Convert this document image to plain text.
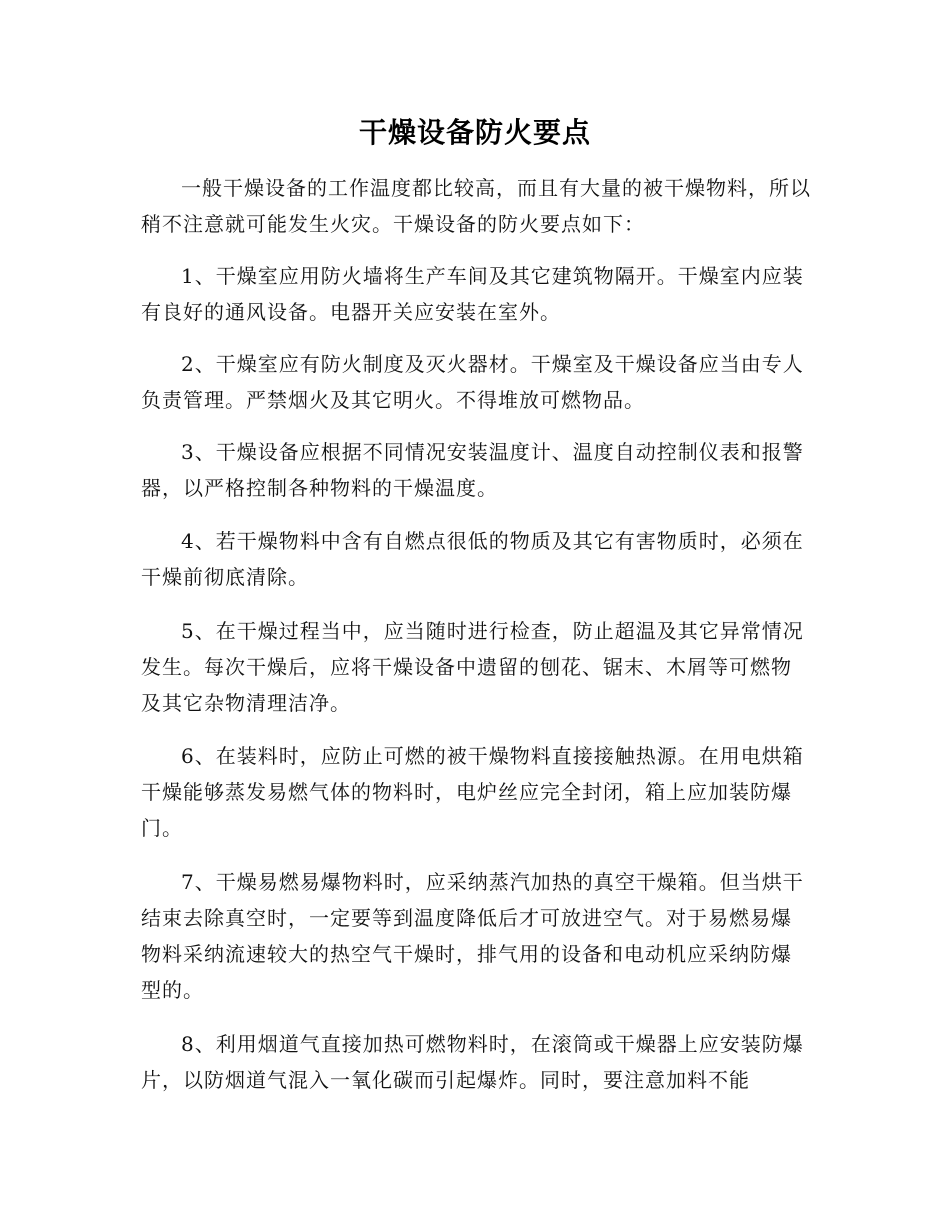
干燥设备防火要点

一般干燥设备的工作温度都比较高，而且有大量的被干燥物料，所以稍不注意就可能发生火灾。干燥设备的防火要点如下：

1、干燥室应用防火墙将生产车间及其它建筑物隔开。干燥室内应装有良好的通风设备。电器开关应安装在室外。

2、干燥室应有防火制度及灭火器材。干燥室及干燥设备应当由专人负责管理。严禁烟火及其它明火。不得堆放可燃物品。

3、干燥设备应根据不同情况安装温度计、温度自动控制仪表和报警器，以严格控制各种物料的干燥温度。

4、若干燥物料中含有自燃点很低的物质及其它有害物质时，必须在干燥前彻底清除。

5、在干燥过程当中，应当随时进行检查，防止超温及其它异常情况发生。每次干燥后，应将干燥设备中遗留的刨花、锯末、木屑等可燃物及其它杂物清理洁净。

6、在装料时，应防止可燃的被干燥物料直接接触热源。在用电烘箱干燥能够蒸发易燃气体的物料时，电炉丝应完全封闭，箱上应加装防爆门。

7、干燥易燃易爆物料时，应采纳蒸汽加热的真空干燥箱。但当烘干结束去除真空时，一定要等到温度降低后才可放进空气。对于易燃易爆物料采纳流速较大的热空气干燥时，排气用的设备和电动机应采纳防爆型的。

8、利用烟道气直接加热可燃物料时，在滚筒或干燥器上应安装防爆片，以防烟道气混入一氧化碳而引起爆炸。同时，要注意加料不能
